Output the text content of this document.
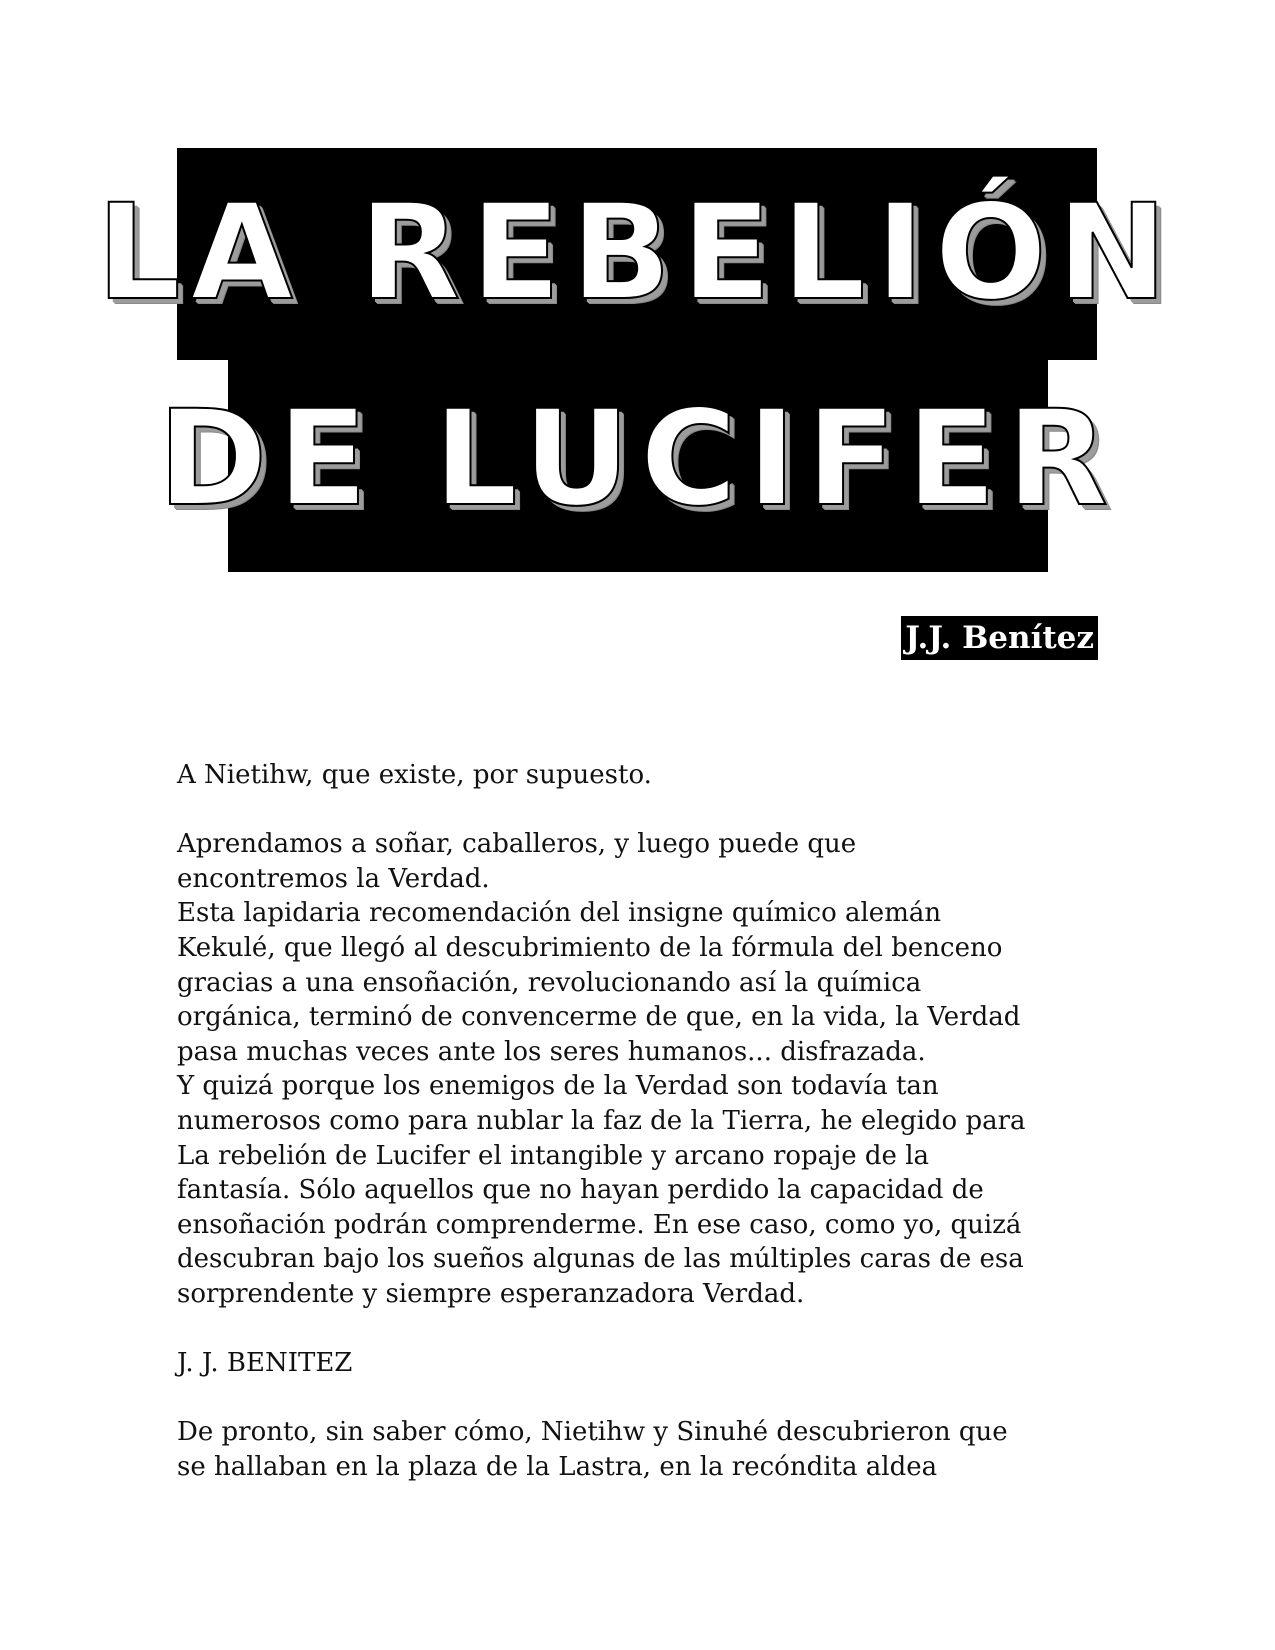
LA REBELIÓN
DE LUCIFER
J.J. Benítez

A Nietihw, que existe, por supuesto.

Aprendamos a soñar, caballeros, y luego puede que

encontremos la Verdad.

Esta lapidaria recomendación del insigne químico alemán

Kekulé, que llegó al descubrimiento de la fórmula del benceno

gracias a una ensoñación, revolucionando así la química

orgánica, terminó de convencerme de que, en la vida, la Verdad

pasa muchas veces ante los seres humanos... disfrazada.

Y quizá porque los enemigos de la Verdad son todavía tan

numerosos como para nublar la faz de la Tierra, he elegido para

La rebelión de Lucifer el intangible y arcano ropaje de la

fantasía. Sólo aquellos que no hayan perdido la capacidad de

ensoñación podrán comprenderme. En ese caso, como yo, quizá

descubran bajo los sueños algunas de las múltiples caras de esa

sorprendente y siempre esperanzadora Verdad.

J. J. BENITEZ

De pronto, sin saber cómo, Nietihw y Sinuhé descubrieron que

se hallaban en la plaza de la Lastra, en la recóndita aldea
